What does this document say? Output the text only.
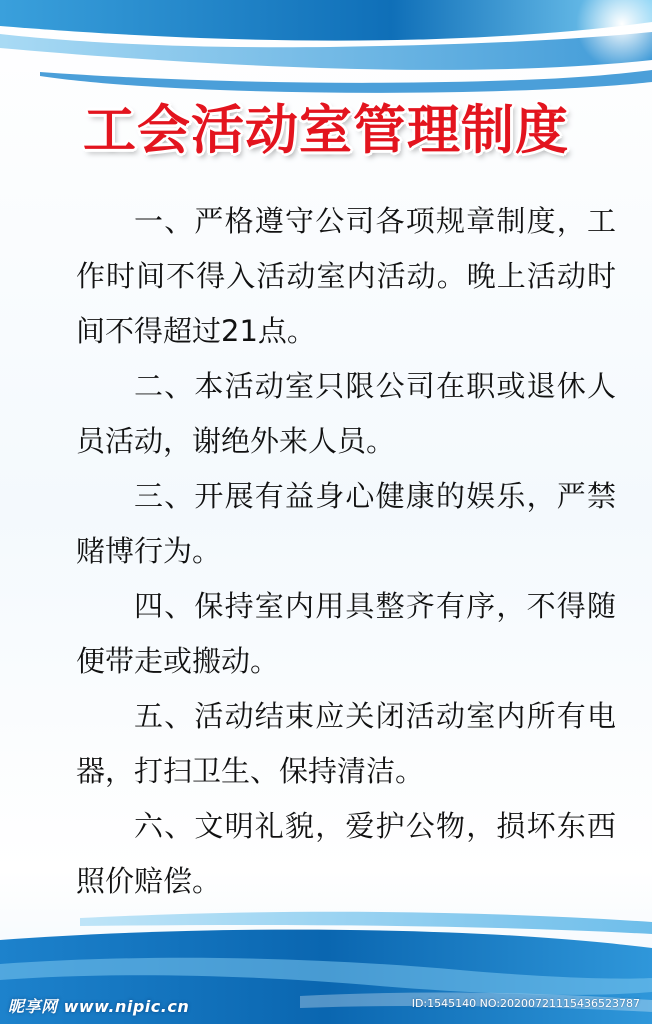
工会活动室管理制度

一、严格遵守公司各项规章制度，工作时间不得入活动室内活动。晚上活动时间不得超过21点。

二、本活动室只限公司在职或退休人员活动，谢绝外来人员。

三、开展有益身心健康的娱乐，严禁赌博行为。

四、保持室内用具整齐有序，不得随便带走或搬动。

五、活动结束应关闭活动室内所有电器，打扫卫生、保持清洁。

六、文明礼貌，爱护公物，损坏东西照价赔偿。

昵享网 www.nipic.cn	ID:1545140 NO:20200721115436523787
